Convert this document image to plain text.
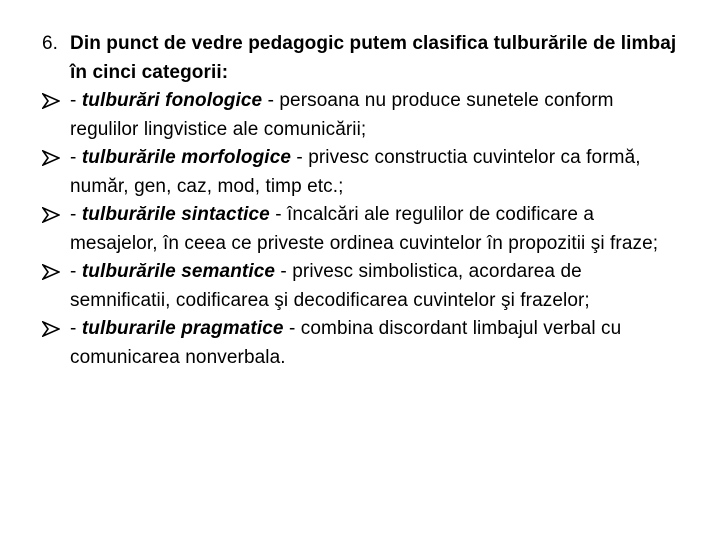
6. Din punct de vedre pedagogic putem clasifica tulburările de limbaj în cinci categorii:

- tulburări fonologice - persoana nu produce sunetele conform regulilor lingvistice ale comunicării;
- tulburările morfologice - privesc constructia cuvintelor ca formă, număr, gen, caz, mod, timp etc.;
- tulburările sintactice - încalcări ale regulilor de codificare a mesajelor, în ceea ce priveste ordinea cuvintelor în propozitii şi fraze;
- tulburările semantice - privesc simbolistica, acordarea de semnificatii, codificarea şi decodificarea cuvintelor şi frazelor;
- tulburarile pragmatice - combina discordant limbajul verbal cu comunicarea nonverbala.
